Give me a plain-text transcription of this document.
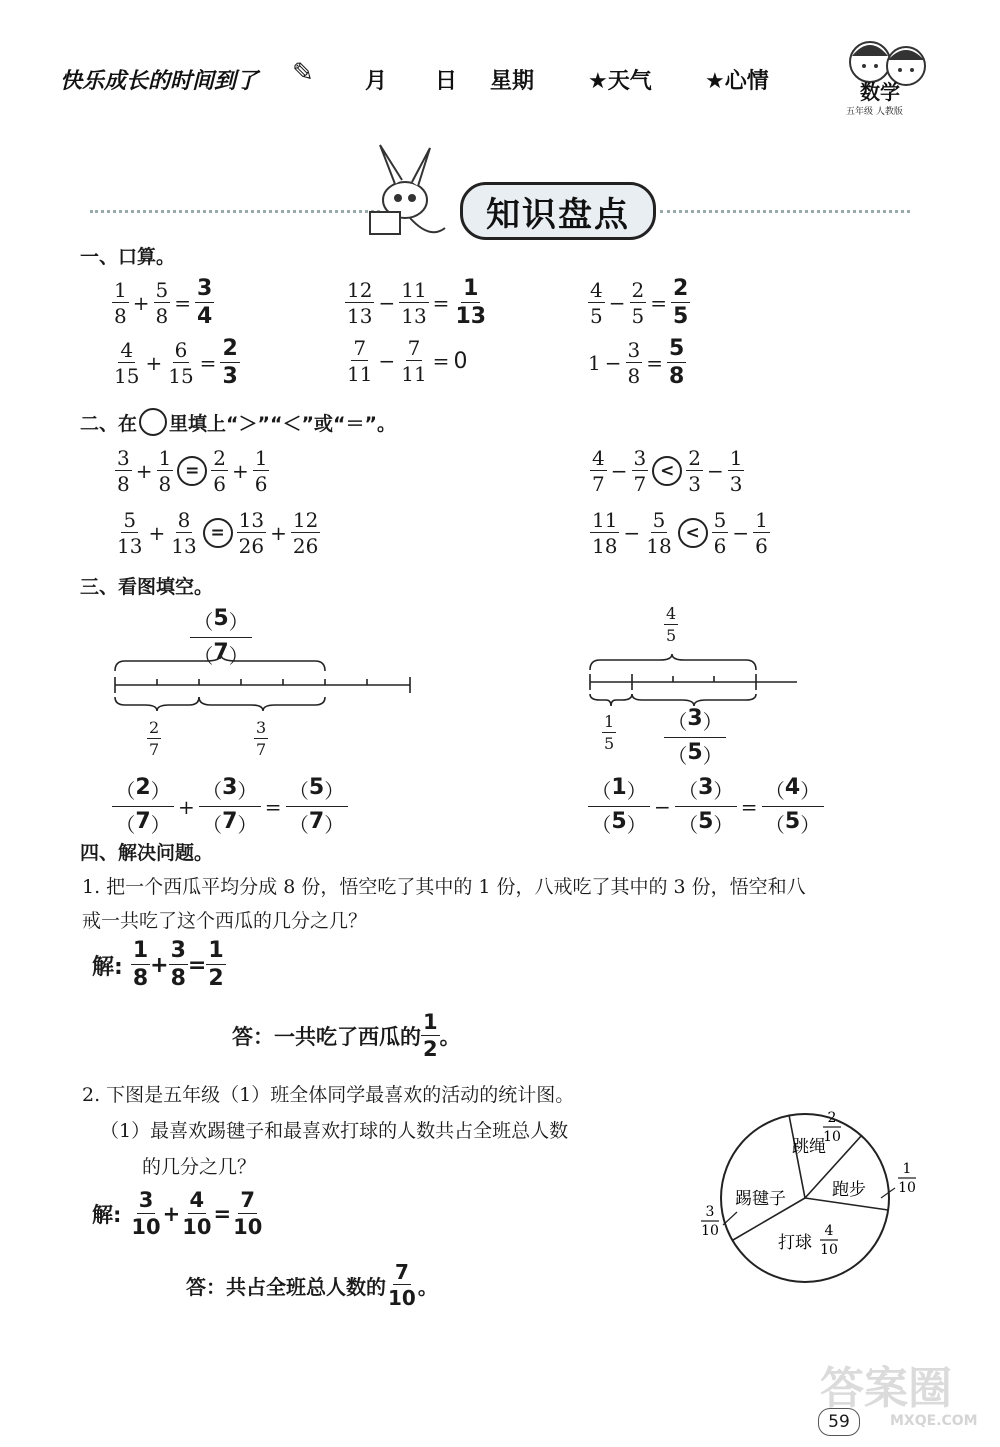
快乐成长的时间到了 ✎ 月 日 星期 ★天气 ★心情	数学
五年级 人教版
知识盘点
一、口算。
$\frac{1}{8} + \frac{5}{8} = \frac{3}{4}$	$\frac{12}{13} - \frac{11}{13} = \frac{1}{13}$	$\frac{4}{5} - \frac{2}{5} = \frac{2}{5}$
$\frac{4}{15} + \frac{6}{15} = \frac{2}{3}$	$\frac{7}{11} - \frac{7}{11} = 0$	$1 - \frac{3}{8} = \frac{5}{8}$
二、在 里填上“＞”“＜”或“＝”。
$\frac{3}{8} + \frac{1}{8} = \frac{2}{6} + \frac{1}{6}$	$\frac{4}{7} - \frac{3}{7} < \frac{2}{3} - \frac{1}{3}$
$\frac{5}{13} + \frac{8}{13} = \frac{13}{26} + \frac{12}{26}$	$\frac{11}{18} - \frac{5}{18} < \frac{5}{6} - \frac{1}{6}$
三、看图填空。
（ 5 ）
（ 7 ）
$\frac{2}{7}$	$\frac{3}{7}$
（ 2 ）
（ 7 ）
+
（ 3 ）
（ 7 ）
=
（ 5 ）
（ 7 ）
$\frac{4}{5}$
$\frac{1}{5}$	（ 3 ）
（ 5 ）
（ 1 ）
（ 5 ）
−
（ 3 ）
（ 5 ）
=
（ 4 ）
（ 5 ）
四、解决问题。
1. 把一个西瓜平均分成 8 份，悟空吃了其中的 1 份，八戒吃了其中的 3 份，悟空和八
戒一共吃了这个西瓜的几分之几？
解: $\frac{1}{8} + \frac{3}{8} = \frac{1}{2}$
答：一共吃了西瓜的 $\frac{1}{2}$ 。
2. 下图是五年级（1）班全体同学最喜欢的活动的统计图。
（1）最喜欢踢毽子和最喜欢打球的人数共占全班总人数
的几分之几？
解: $\frac{3}{10} + \frac{4}{10} = \frac{7}{10}$
答：共占全班总人数的 $\frac{7}{10}$ 。
跳绳
跑步
踢毽子
打球
2
10
1
10
3
10	4
10
59
答案圈
MXQE.COM
